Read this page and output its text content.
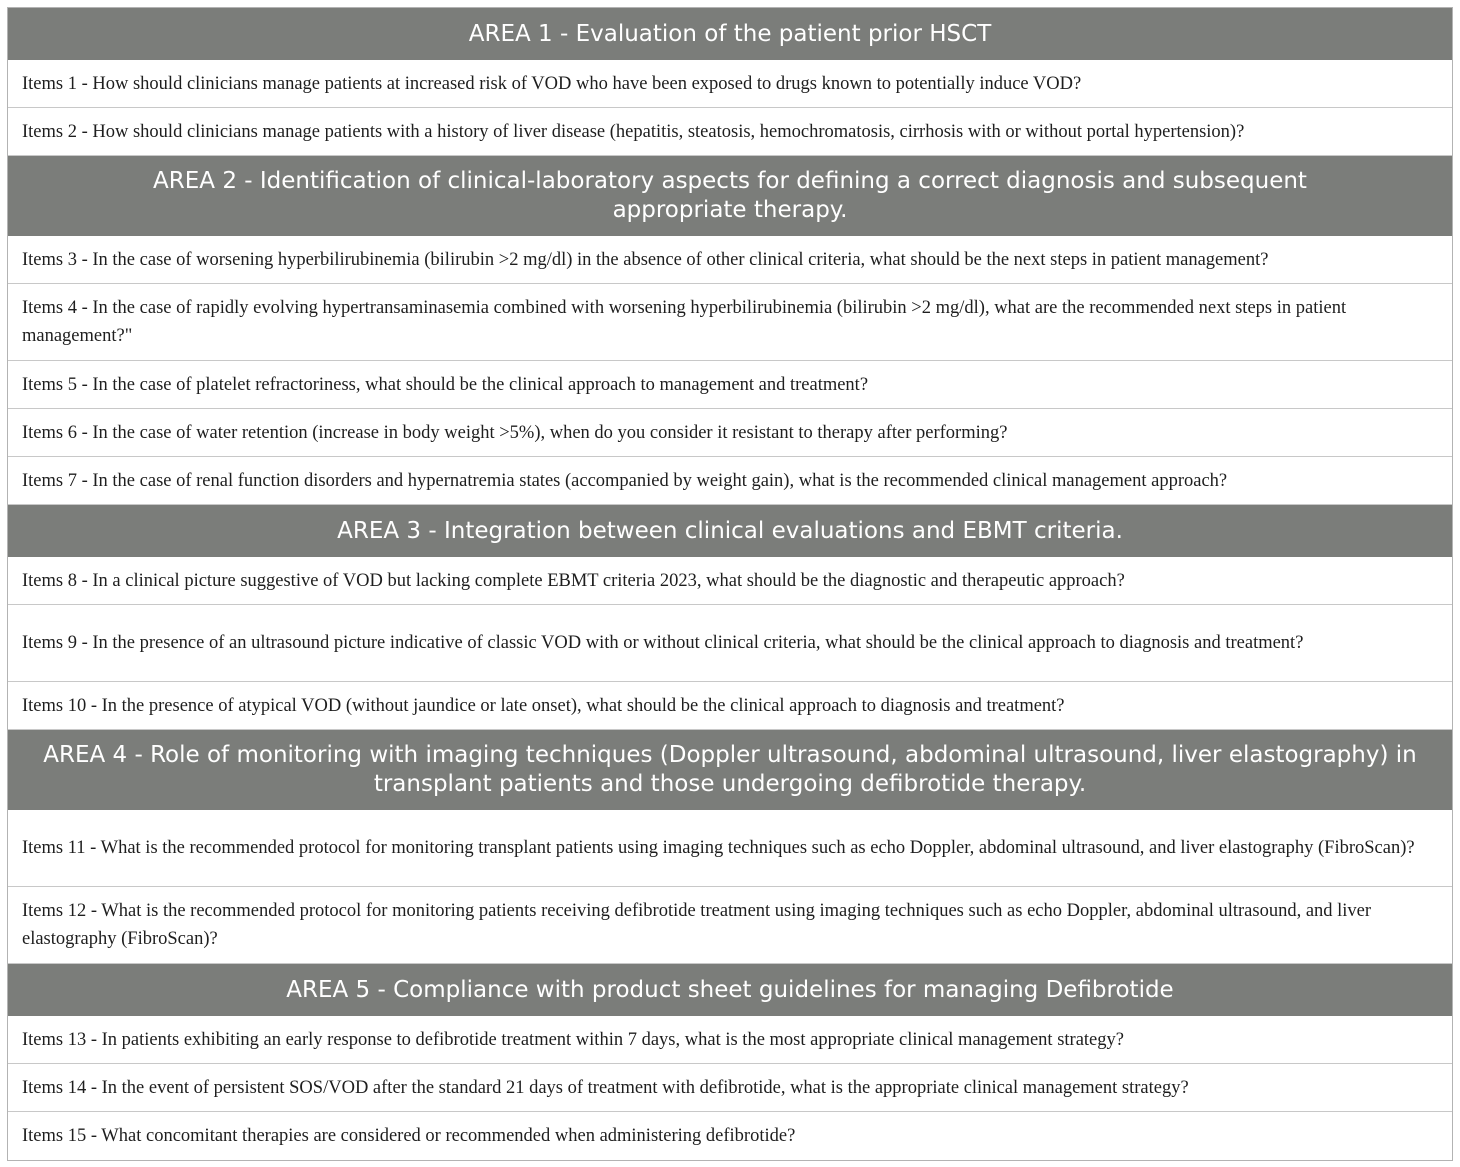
AREA 1 - Evaluation of the patient prior HSCT
Items 1 - How should clinicians manage patients at increased risk of VOD who have been exposed to drugs known to potentially induce VOD?
Items 2 - How should clinicians manage patients with a history of liver disease (hepatitis, steatosis, hemochromatosis, cirrhosis with or without portal hypertension)?
AREA 2 - Identification of clinical-laboratory aspects for defining a correct diagnosis and subsequent appropriate therapy.
Items 3 - In the case of worsening hyperbilirubinemia (bilirubin >2 mg/dl) in the absence of other clinical criteria, what should be the next steps in patient management?
Items 4 - In the case of rapidly evolving hypertransaminasemia combined with worsening hyperbilirubinemia (bilirubin >2 mg/dl), what are the recommended next steps in patient management?"
Items 5 - In the case of platelet refractoriness, what should be the clinical approach to management and treatment?
Items 6 - In the case of water retention (increase in body weight >5%), when do you consider it resistant to therapy after performing?
Items 7 - In the case of renal function disorders and hypernatremia states (accompanied by weight gain), what is the recommended clinical management approach?
AREA 3 - Integration between clinical evaluations and EBMT criteria.
Items 8 - In a clinical picture suggestive of VOD but lacking complete EBMT criteria 2023, what should be the diagnostic and therapeutic approach?
Items 9 - In the presence of an ultrasound picture indicative of classic VOD with or without clinical criteria, what should be the clinical approach to diagnosis and treatment?
Items 10 - In the presence of atypical VOD (without jaundice or late onset), what should be the clinical approach to diagnosis and treatment?
AREA 4 - Role of monitoring with imaging techniques (Doppler ultrasound, abdominal ultrasound, liver elastography) in transplant patients and those undergoing defibrotide therapy.
Items 11 - What is the recommended protocol for monitoring transplant patients using imaging techniques such as echo Doppler, abdominal ultrasound, and liver elastography (FibroScan)?
Items 12 - What is the recommended protocol for monitoring patients receiving defibrotide treatment using imaging techniques such as echo Doppler, abdominal ultrasound, and liver elastography (FibroScan)?
AREA 5 - Compliance with product sheet guidelines for managing Defibrotide
Items 13 - In patients exhibiting an early response to defibrotide treatment within 7 days, what is the most appropriate clinical management strategy?
Items 14 - In the event of persistent SOS/VOD after the standard 21 days of treatment with defibrotide, what is the appropriate clinical management strategy?
Items 15 - What concomitant therapies are considered or recommended when administering defibrotide?
